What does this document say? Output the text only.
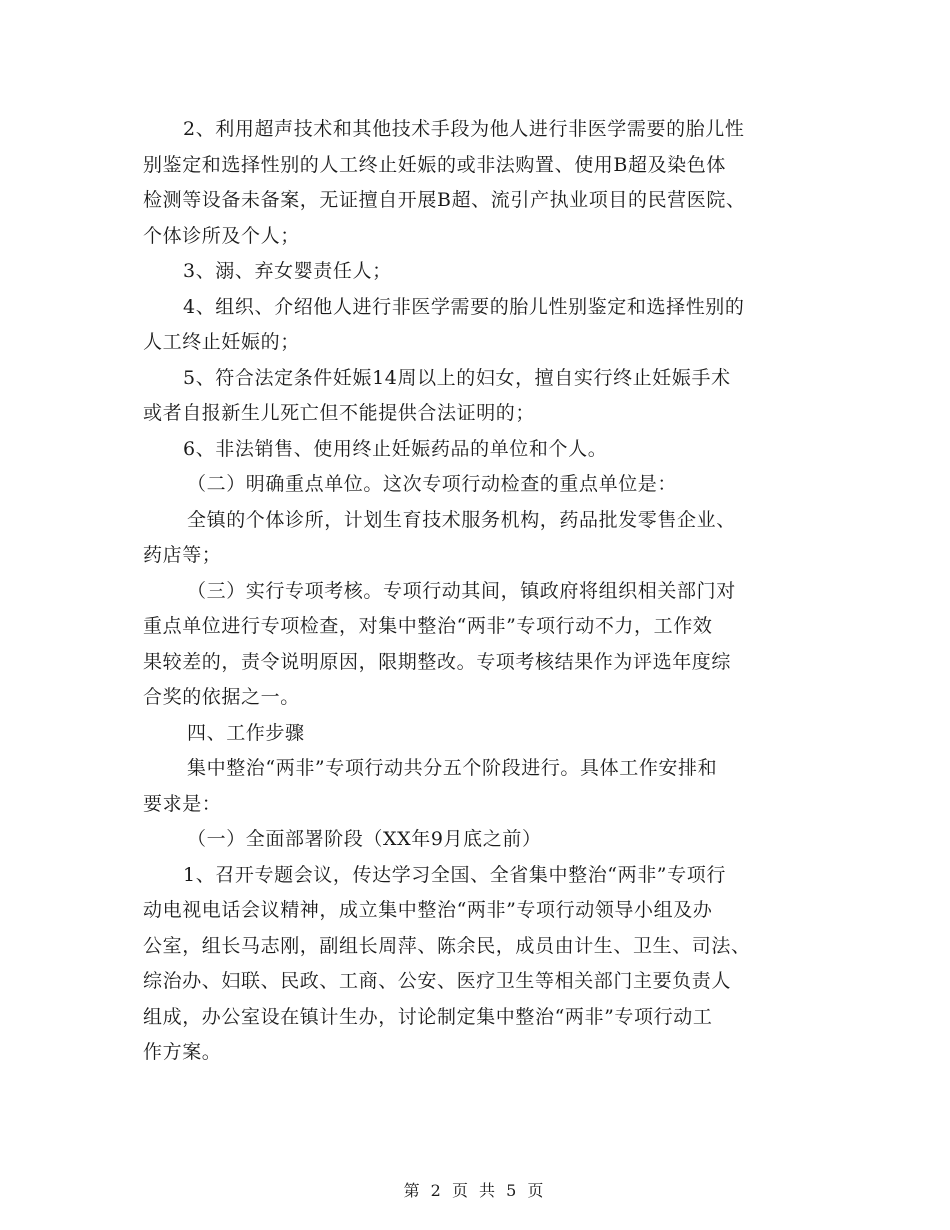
2、利用超声技术和其他技术手段为他人进行非医学需要的胎儿性

别鉴定和选择性别的人工终止妊娠的或非法购置、使用B超及染色体

检测等设备未备案，无证擅自开展B超、流引产执业项目的民营医院、

个体诊所及个人；

3、溺、弃女婴责任人；

4、组织、介绍他人进行非医学需要的胎儿性别鉴定和选择性别的

人工终止妊娠的；

5、符合法定条件妊娠14周以上的妇女，擅自实行终止妊娠手术

或者自报新生儿死亡但不能提供合法证明的；

6、非法销售、使用终止妊娠药品的单位和个人。

（二）明确重点单位。这次专项行动检查的重点单位是：

全镇的个体诊所，计划生育技术服务机构，药品批发零售企业、

药店等；

（三）实行专项考核。专项行动其间，镇政府将组织相关部门对

重点单位进行专项检查，对集中整治“两非”专项行动不力，工作效

果较差的，责令说明原因，限期整改。专项考核结果作为评选年度综

合奖的依据之一。

四、工作步骤

集中整治“两非”专项行动共分五个阶段进行。具体工作安排和

要求是：

（一）全面部署阶段（XX年9月底之前）

1、召开专题会议，传达学习全国、全省集中整治“两非”专项行

动电视电话会议精神，成立集中整治“两非”专项行动领导小组及办

公室，组长马志刚，副组长周萍、陈余民，成员由计生、卫生、司法、

综治办、妇联、民政、工商、公安、医疗卫生等相关部门主要负责人

组成，办公室设在镇计生办，讨论制定集中整治“两非”专项行动工

作方案。

第 2 页 共 5 页
